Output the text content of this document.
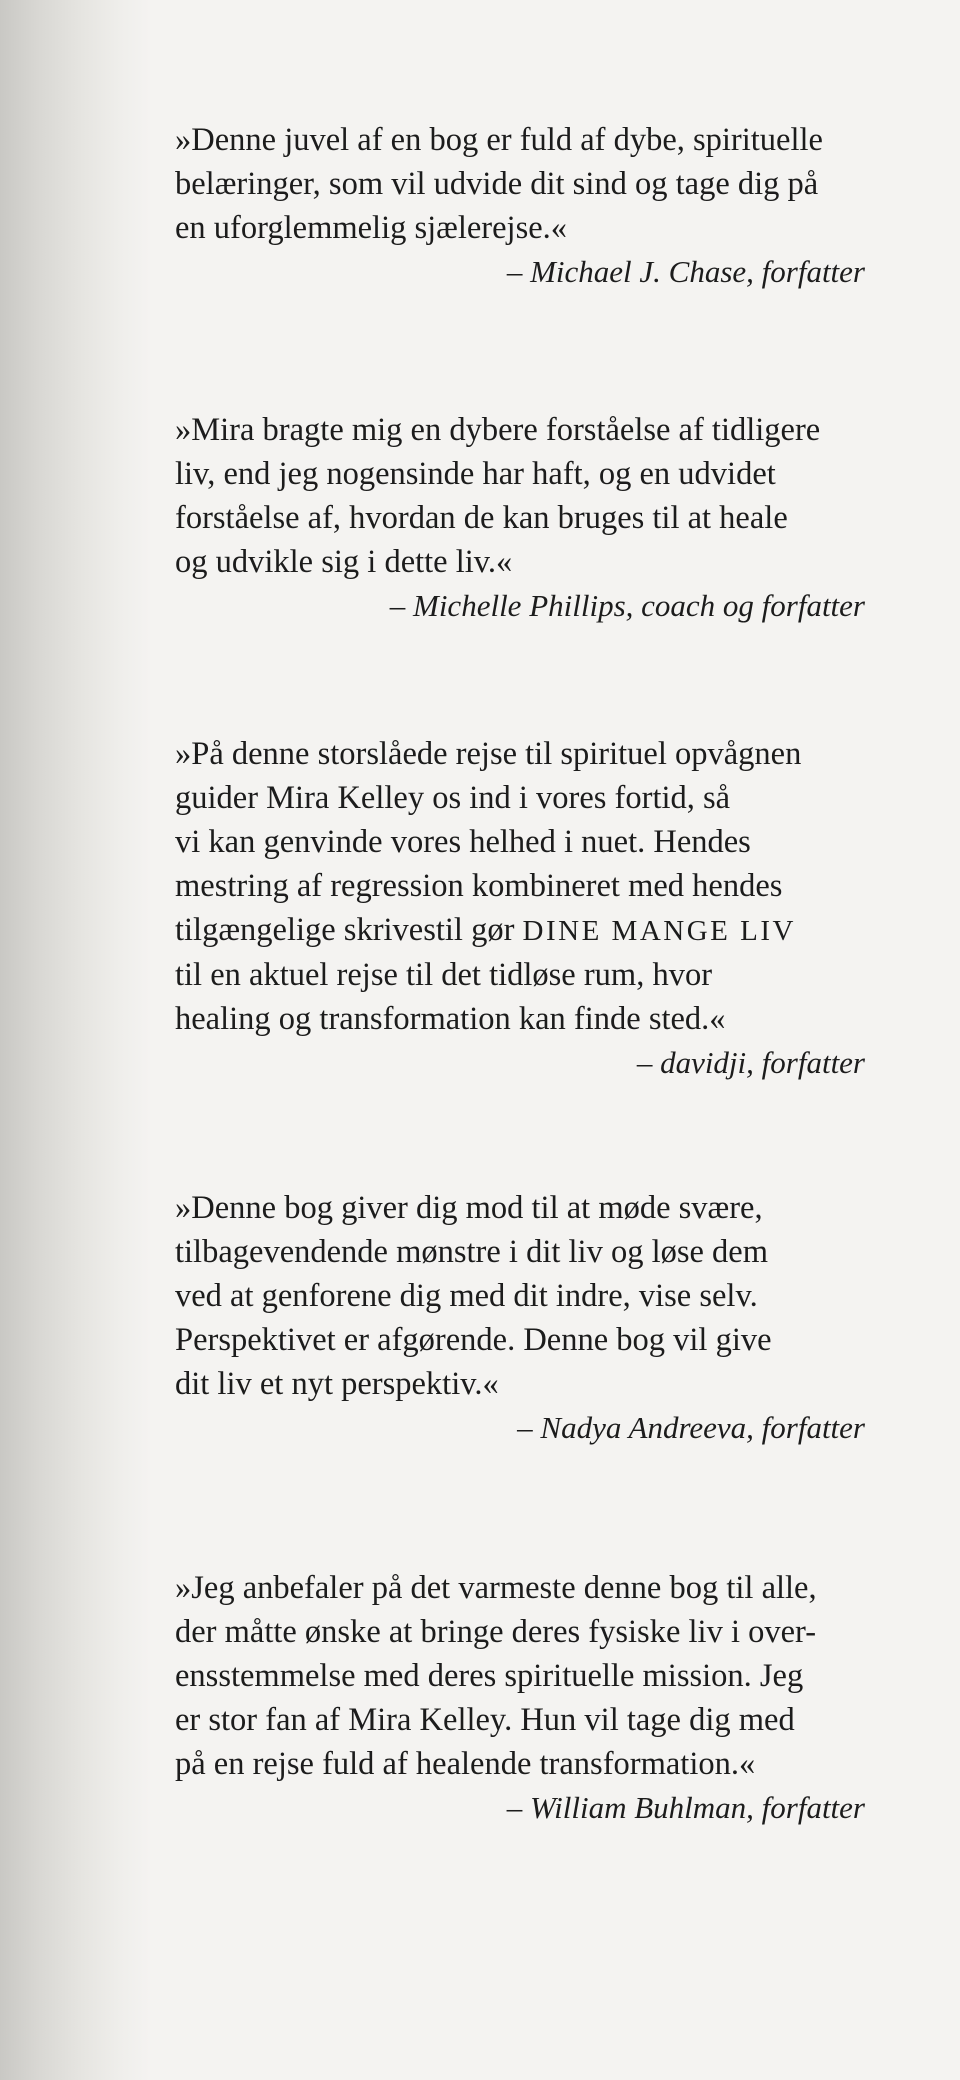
»Denne juvel af en bog er fuld af dybe, spirituelle
belæringer, som vil udvide dit sind og tage dig på
en uforglemmelig sjælerejse.«

– Michael J. Chase, forfatter

»Mira bragte mig en dybere forståelse af tidligere
liv, end jeg nogensinde har haft, og en udvidet
forståelse af, hvordan de kan bruges til at heale
og udvikle sig i dette liv.«

– Michelle Phillips, coach og forfatter

»På denne storslåede rejse til spirituel opvågnen
guider Mira Kelley os ind i vores fortid, så
vi kan genvinde vores helhed i nuet. Hendes
mestring af regression kombineret med hendes
tilgængelige skrivestil gør DINE MANGE LIV
til en aktuel rejse til det tidløse rum, hvor
healing og transformation kan finde sted.«

– davidji, forfatter

»Denne bog giver dig mod til at møde svære,
tilbagevendende mønstre i dit liv og løse dem
ved at genforene dig med dit indre, vise selv.
Perspektivet er afgørende. Denne bog vil give
dit liv et nyt perspektiv.«

– Nadya Andreeva, forfatter

»Jeg anbefaler på det varmeste denne bog til alle,
der måtte ønske at bringe deres fysiske liv i over-
ensstemmelse med deres spirituelle mission. Jeg
er stor fan af Mira Kelley. Hun vil tage dig med
på en rejse fuld af healende transformation.«

– William Buhlman, forfatter
